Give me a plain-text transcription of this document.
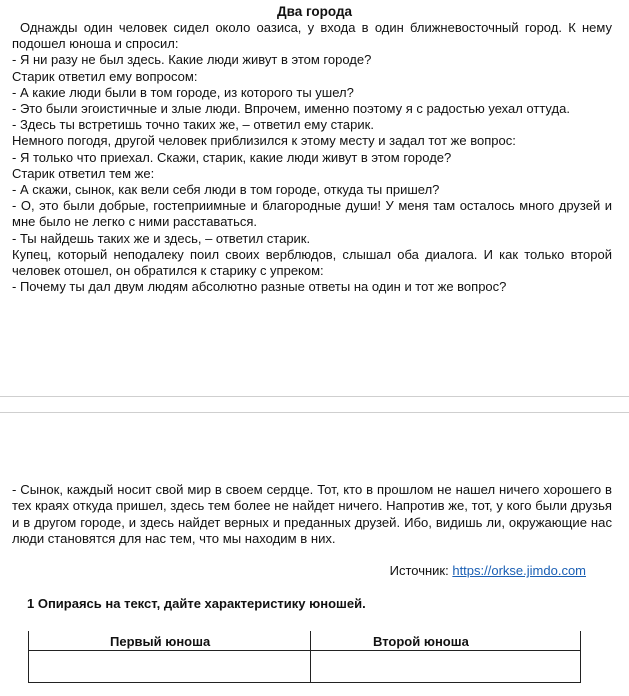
Два города

Однажды один человек сидел около оазиса, у входа в один ближневосточный город. К нему подошел юноша и спросил:

- Я ни разу не был здесь. Какие люди живут в этом городе?

Старик ответил ему вопросом:

- А какие люди были в том городе, из которого ты ушел?

- Это были эгоистичные и злые люди. Впрочем, именно поэтому я с радостью уехал оттуда.

- Здесь ты встретишь точно таких же, – ответил ему старик.

Немного погодя, другой человек приблизился к этому месту и задал тот же вопрос:

- Я только что приехал. Скажи, старик, какие люди живут в этом городе?

Старик ответил тем же:

- А скажи, сынок, как вели себя люди в том городе, откуда ты пришел?

- О, это были добрые, гостеприимные и благородные души! У меня там осталось много друзей и мне было не легко с ними расставаться.

- Ты найдешь таких же и здесь, – ответил старик.

Купец, который неподалеку поил своих верблюдов, слышал оба диалога. И как только второй человек отошел, он обратился к старику с упреком:

- Почему ты дал двум людям абсолютно разные ответы на один и тот же вопрос?

- Сынок, каждый носит свой мир в своем сердце. Тот, кто в прошлом не нашел ничего хорошего в тех краях откуда пришел, здесь тем более не найдет ничего. Напротив же, тот, у кого были друзья и в другом городе, и здесь найдет верных и преданных друзей. Ибо, видишь ли, окружающие нас люди становятся для нас тем, что мы находим в них.

Источник: https://orkse.jimdo.com
1 Опираясь на текст, дайте характеристику юношей.
Первый юноша	Второй юноша
